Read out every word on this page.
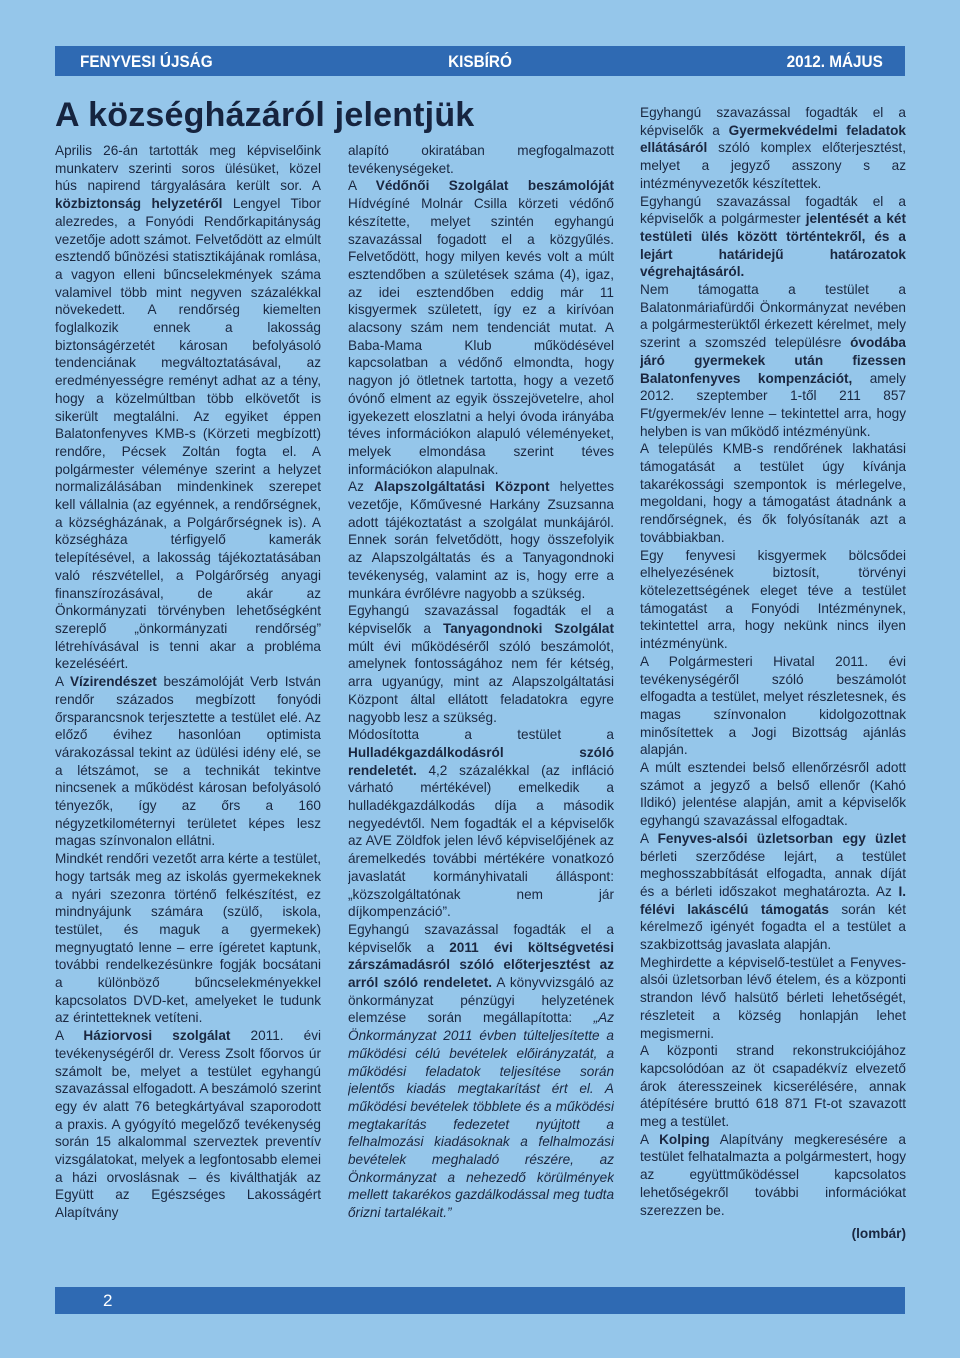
FENYVESI ÚJSÁG	KISBÍRÓ	2012. MÁJUS
A községházáról jelentjük

Aprilis 26-án tartották meg képviselőink munkaterv szerinti soros ülésüket, közel hús napirend tárgyalására került sor. A közbiztonság helyzetéről Lengyel Tibor alezredes, a Fonyódi Rendőrkapitányság vezetője adott számot. Felvetődött az elmúlt esztendő bűnözési statisztikájának romlása, a vagyon elleni bűncselekmények száma valamivel több mint negyven százalékkal növekedett. A rendőrség kiemelten foglalkozik ennek a lakosság biztonságérzetét károsan befolyásoló tendenciának megváltoztatásával, az eredményességre reményt adhat az a tény, hogy a közelmúltban több elkövetőt is sikerült megtalálni. Az egyiket éppen Balatonfenyves KMB-s (Körzeti megbízott) rendőre, Pécsek Zoltán fogta el. A polgármester véleménye szerint a helyzet normalizálásában mindenkinek szerepet kell vállalnia (az egyénnek, a rendőrségnek, a községházának, a Polgárőrségnek is). A községháza térfigyelő kamerák telepítésével, a lakosság tájékoztatásában való részvétellel, a Polgárőrség anyagi finanszírozásával, de akár az Önkormányzati törvényben lehetőségként szereplő „önkormányzati rendőrség” létrehívásával is tenni akar a probléma kezeléséért.

A Vízirendészet beszámolóját Verb István rendőr százados megbízott fonyódi őrsparancsnok terjesztette a testület elé. Az előző évihez hasonlóan optimista várakozással tekint az üdülési idény elé, se a létszámot, se a technikát tekintve nincsenek a működést károsan befolyásoló tényezők, így az őrs a 160 négyzetkilométernyi területet képes lesz magas színvonalon ellátni.

Mindkét rendőri vezetőt arra kérte a testület, hogy tartsák meg az iskolás gyermekeknek a nyári szezonra történő felkészítést, ez mindnyájunk számára (szülő, iskola, testület, és maguk a gyermekek) megnyugtató lenne – erre ígéretet kaptunk, további rendelkezésünkre fogják bocsátani a különböző bűncselekményekkel kapcsolatos DVD-ket, amelyeket le tudunk az érintetteknek vetíteni.

A Háziorvosi szolgálat 2011. évi tevékenységéről dr. Veress Zsolt főorvos úr számolt be, melyet a testület egyhangú szavazással elfogadott. A beszámoló szerint egy év alatt 76 betegkártyával szaporodott a praxis. A gyógyító megelőző tevékenység során 15 alkalommal szerveztek preventív vizsgálatokat, melyek a legfontosabb elemei a házi orvoslásnak – és kiválthatják az Együtt az Egészséges Lakosságért Alapítvány

alapító okiratában megfogalmazott tevékenységeket.

A Védőnői Szolgálat beszámolóját Hídvégíné Molnár Csilla körzeti védőnő készítette, melyet szintén egyhangú szavazással fogadott el a közgyűlés. Felvetődött, hogy milyen kevés volt a múlt esztendőben a születések száma (4), igaz, az idei esztendőben eddig már 11 kisgyermek született, így ez a kirívóan alacsony szám nem tendenciát mutat. A Baba-Mama Klub működésével kapcsolatban a védőnő elmondta, hogy nagyon jó ötletnek tartotta, hogy a vezető óvónő elment az egyik összejövetelre, ahol igyekezett eloszlatni a helyi óvoda irányába téves információkon alapuló véleményeket, melyek elmondása szerint téves információkon alapulnak.

Az Alapszolgáltatási Központ helyettes vezetője, Kőművesné Harkány Zsuzsanna adott tájékoztatást a szolgálat munkájáról. Ennek során felvetődött, hogy összefolyik az Alapszolgáltatás és a Tanyagondnoki tevékenység, valamint az is, hogy erre a munkára évrőlévre nagyobb a szükség.

Egyhangú szavazással fogadták el a képviselők a Tanyagondnoki Szolgálat múlt évi működéséről szóló beszámolót, amelynek fontosságához nem fér kétség, arra ugyanúgy, mint az Alapszolgáltatási Központ által ellátott feladatokra egyre nagyobb lesz a szükség.

Módosította a testület a Hulladékgazdálkodásról szóló rendeletét. 4,2 százalékkal (az infláció várható mértékével) emelkedik a hulladékgazdálkodás díja a második negyedévtől. Nem fogadták el a képviselők az AVE Zöldfok jelen lévő képviselőjének az áremelkedés további mértékére vonatkozó javaslatát kormányhivatali álláspont: „közszolgáltatónak nem jár díjkompenzáció”.

Egyhangú szavazással fogadták el a képviselők a 2011 évi költségvetési zárszámadásról szóló előterjesztést az arról szóló rendeletet. A könyvvizsgáló az önkormányzat pénzügyi helyzetének elemzése során megállapította: „Az Önkormányzat 2011 évben túlteljesítette a működési célú bevételek előirányzatát, a működési feladatok teljesítése során jelentős kiadás megtakarítást ért el. A működési bevételek többlete és a működési megtakarítás fedezetet nyújtott a felhalmozási kiadásoknak a felhalmozási bevételek meghaladó részére, az Önkormányzat a nehezedő körülmények mellett takarékos gazdálkodással meg tudta őrizni tartalékait.”

Egyhangú szavazással fogadták el a képviselők a Gyermekvédelmi feladatok ellátásáról szóló komplex előterjesztést, melyet a jegyző asszony s az intézményvezetők készítettek.

Egyhangú szavazással fogadták el a képviselők a polgármester jelentését a két testületi ülés között történtekről, és a lejárt határidejű határozatok végrehajtásáról.

Nem támogatta a testület a Balatonmáriafürdői Önkormányzat nevében a polgármesterüktől érkezett kérelmet, mely szerint a szomszéd településre óvodába járó gyermekek után fizessen Balatonfenyves kompenzációt, amely 2012. szeptember 1-től 211 857 Ft/gyermek/év lenne – tekintettel arra, hogy helyben is van működő intézményünk.

A település KMB-s rendőrének lakhatási támogatását a testület úgy kívánja takarékossági szempontok is mérlegelve, megoldani, hogy a támogatást átadnánk a rendőrségnek, és ők folyósítanák azt a továbbiakban.

Egy fenyvesi kisgyermek bölcsődei elhelyezésének biztosít, törvényi kötelezettségének eleget téve a testület támogatást a Fonyódi Intézménynek, tekintettel arra, hogy nekünk nincs ilyen intézményünk.

A Polgármesteri Hivatal 2011. évi tevékenységéről szóló beszámolót elfogadta a testület, melyet részletesnek, és magas színvonalon kidolgozottnak minősítettek a Jogi Bizottság ajánlás alapján.

A múlt esztendei belső ellenőrzésről adott számot a jegyző a belső ellenőr (Kahó Ildikó) jelentése alapján, amit a képviselők egyhangú szavazással elfogadtak.

A Fenyves-alsói üzletsorban egy üzlet bérleti szerződése lejárt, a testület meghosszabbítását elfogadta, annak díját és a bérleti időszakot meghatározta. Az I. félévi lakáscélú támogatás során két kérelmező igényét fogadta el a testület a szakbizottság javaslata alapján.

Meghirdette a képviselő-testület a Fenyves-alsói üzletsorban lévő ételem, és a központi strandon lévő halsütő bérleti lehetőségét, részleteit a község honlapján lehet megismerni.

A központi strand rekonstrukciójához kapcsolódóan az öt csapadékvíz elvezető árok áteresszeinek kicserélésére, annak átépítésére bruttó 618 871 Ft-ot szavazott meg a testület.

A Kolping Alapítvány megkeresésére a testület felhatalmazta a polgármestert, hogy az együttműködéssel kapcsolatos lehetőségekről további információkat szerezzen be.

(lombár)

2
